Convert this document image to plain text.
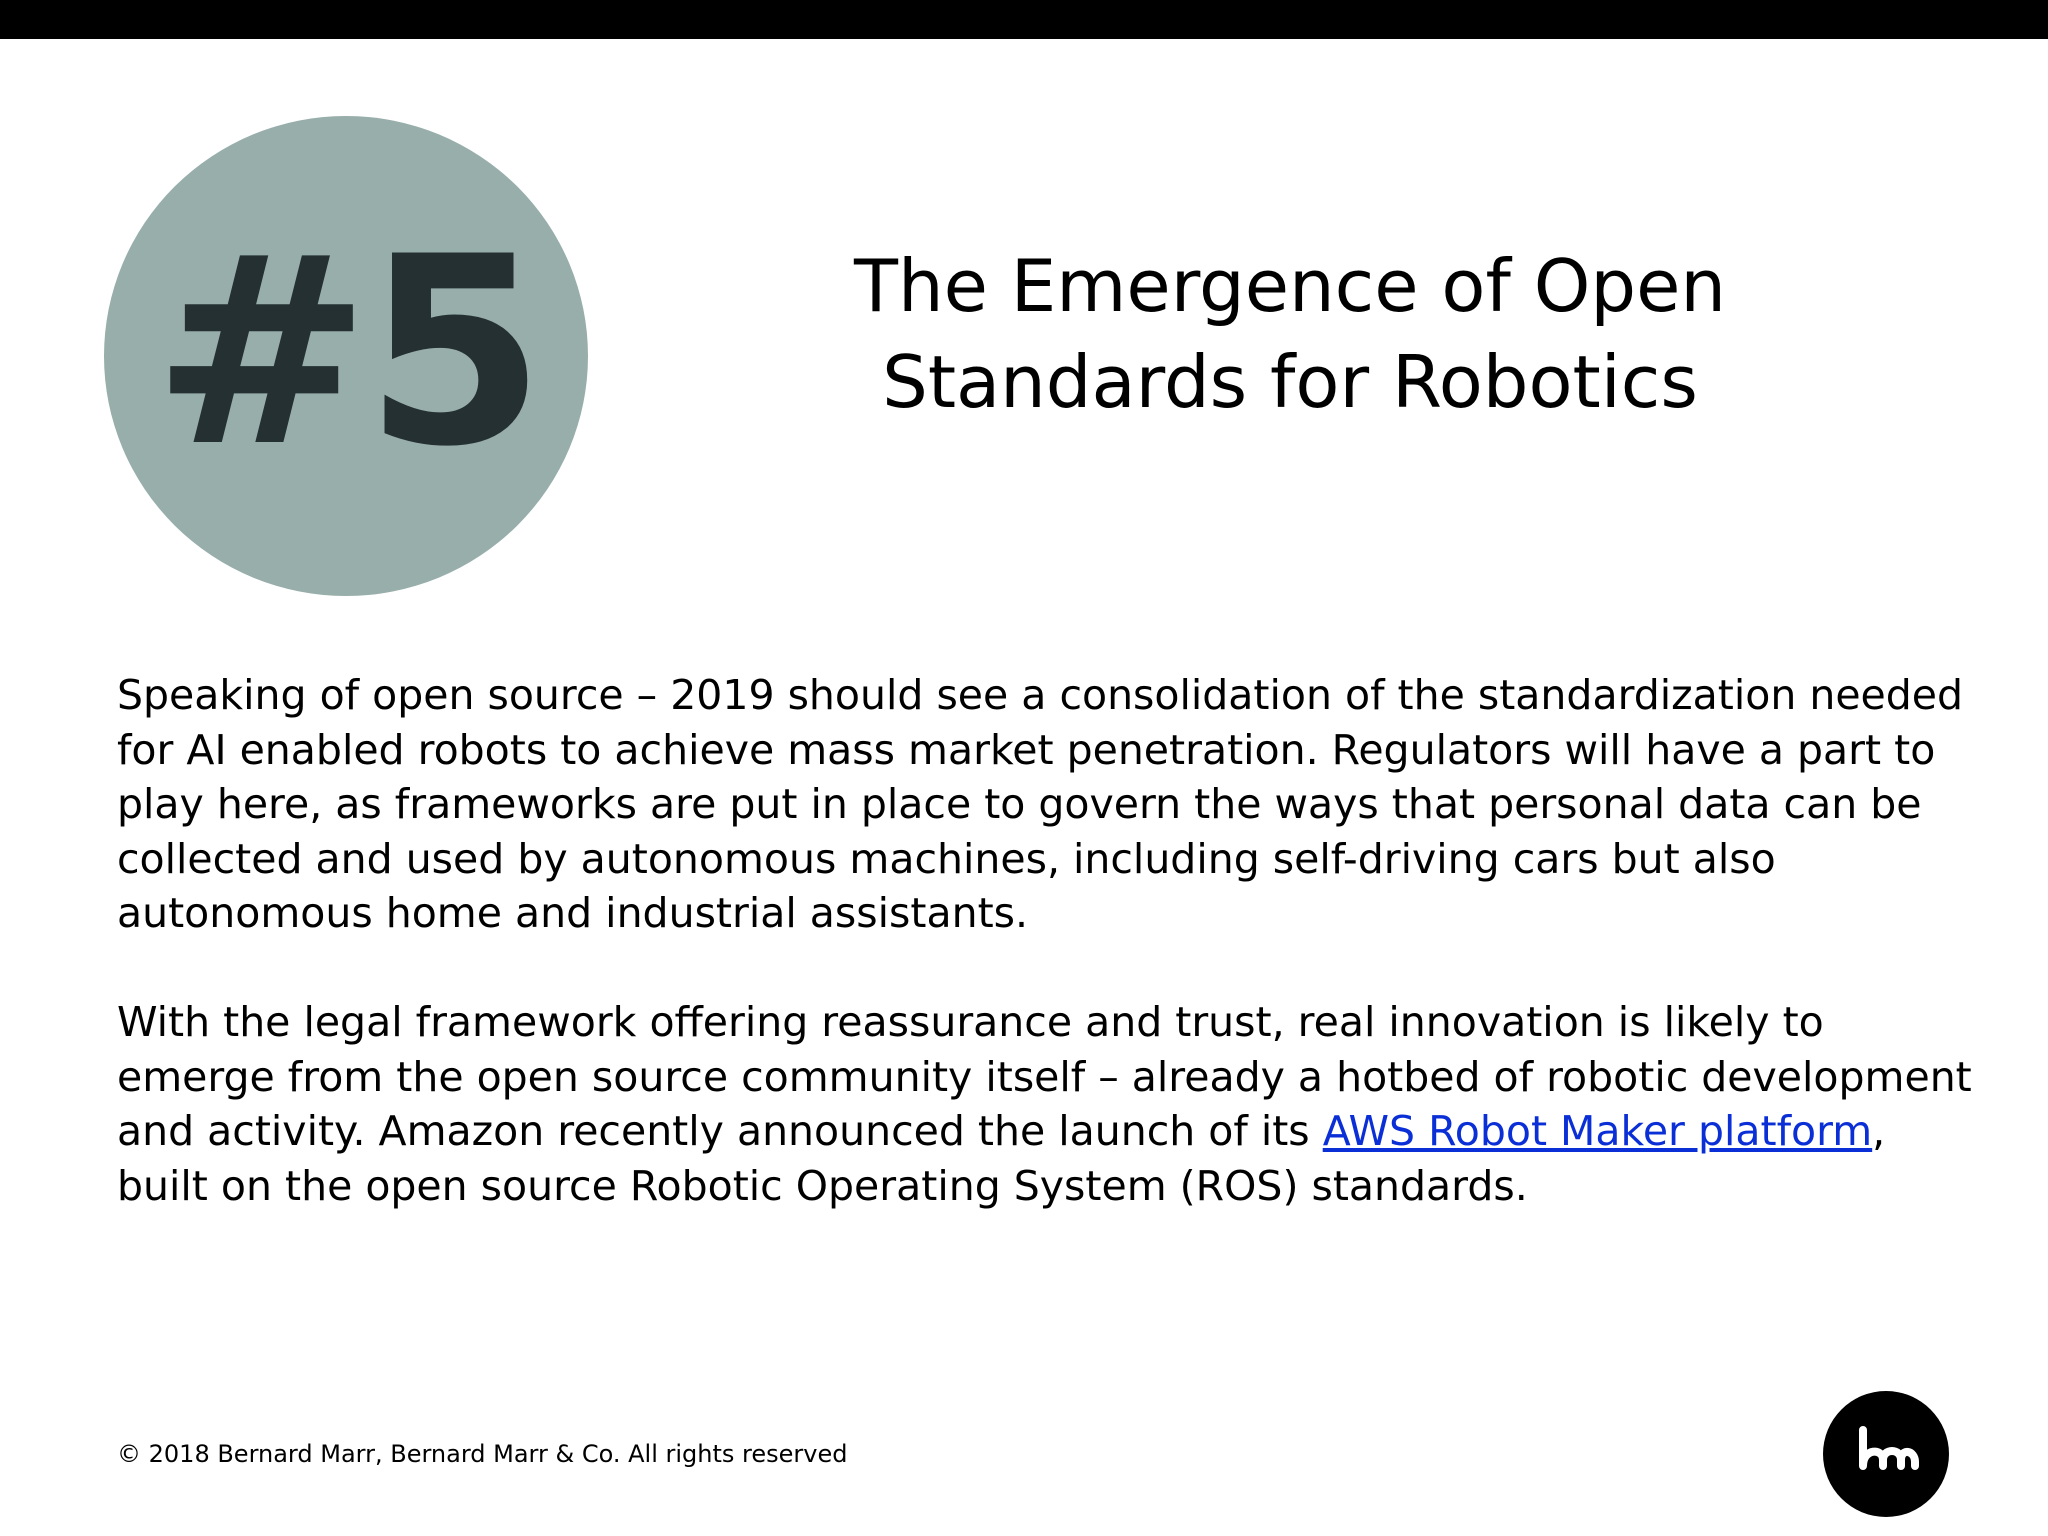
#5	The Emergence of Open Standards for Robotics

Speaking of open source – 2019 should see a consolidation of the standardization needed for AI enabled robots to achieve mass market penetration. Regulators will have a part to play here, as frameworks are put in place to govern the ways that personal data can be collected and used by autonomous machines, including self-driving cars but also autonomous home and industrial assistants.

With the legal framework offering reassurance and trust, real innovation is likely to emerge from the open source community itself – already a hotbed of robotic development and activity. Amazon recently announced the launch of its AWS Robot Maker platform, built on the open source Robotic Operating System (ROS) standards.

© 2018 Bernard Marr, Bernard Marr & Co. All rights reserved
